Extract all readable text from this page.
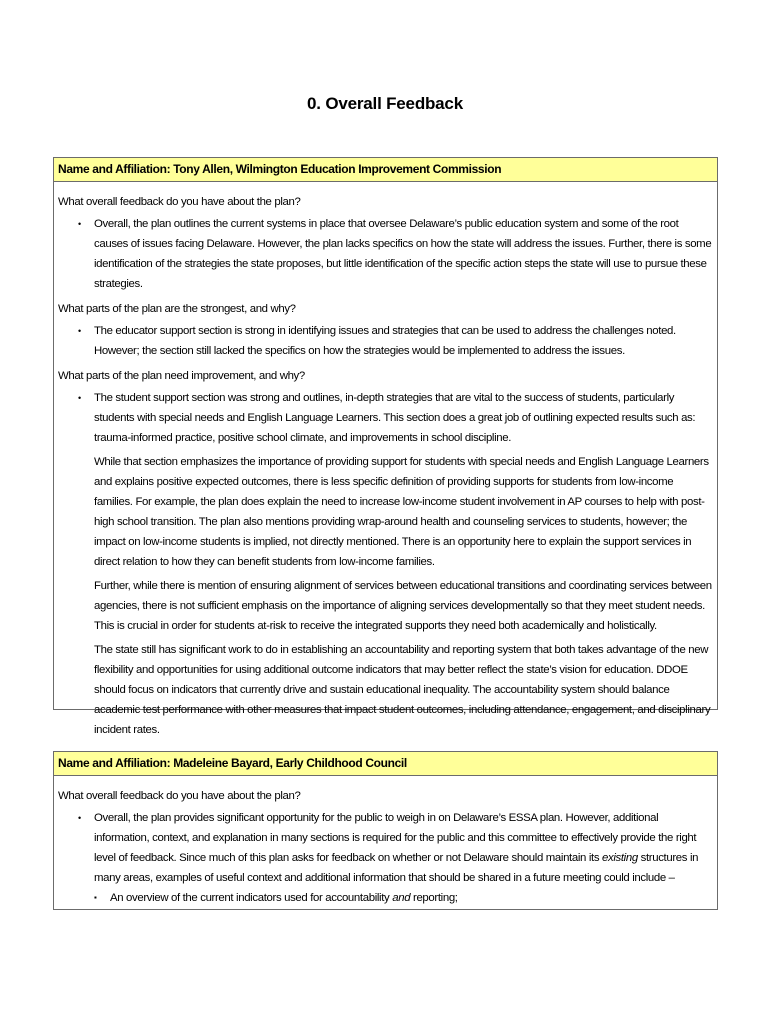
0. Overall Feedback
Name and Affiliation: Tony Allen, Wilmington Education Improvement Commission

What overall feedback do you have about the plan?

• Overall, the plan outlines the current systems in place that oversee Delaware’s public education system and some of the root causes of issues facing Delaware. However, the plan lacks specifics on how the state will address the issues. Further, there is some identification of the strategies the state proposes, but little identification of the specific action steps the state will use to pursue these strategies.

What parts of the plan are the strongest, and why?

• The educator support section is strong in identifying issues and strategies that can be used to address the challenges noted. However; the section still lacked the specifics on how the strategies would be implemented to address the issues.

What parts of the plan need improvement, and why?

• The student support section was strong and outlines, in-depth strategies that are vital to the success of students, particularly students with special needs and English Language Learners. This section does a great job of outlining expected results such as: trauma-informed practice, positive school climate, and improvements in school discipline.

While that section emphasizes the importance of providing support for students with special needs and English Language Learners and explains positive expected outcomes, there is less specific definition of providing supports for students from low-income families. For example, the plan does explain the need to increase low-income student involvement in AP courses to help with post-high school transition. The plan also mentions providing wrap-around health and counseling services to students, however; the impact on low-income students is implied, not directly mentioned. There is an opportunity here to explain the support services in direct relation to how they can benefit students from low-income families.

Further, while there is mention of ensuring alignment of services between educational transitions and coordinating services between agencies, there is not sufficient emphasis on the importance of aligning services developmentally so that they meet student needs. This is crucial in order for students at-risk to receive the integrated supports they need both academically and holistically.

The state still has significant work to do in establishing an accountability and reporting system that both takes advantage of the new flexibility and opportunities for using additional outcome indicators that may better reflect the state’s vision for education. DDOE should focus on indicators that currently drive and sustain educational inequality. The accountability system should balance academic test performance with other measures that impact student outcomes, including attendance, engagement, and disciplinary incident rates.

Name and Affiliation: Madeleine Bayard, Early Childhood Council

What overall feedback do you have about the plan?

• Overall, the plan provides significant opportunity for the public to weigh in on Delaware’s ESSA plan. However, additional information, context, and explanation in many sections is required for the public and this committee to effectively provide the right level of feedback. Since much of this plan asks for feedback on whether or not Delaware should maintain its existing structures in many areas, examples of useful context and additional information that should be shared in a future meeting could include –
▪ An overview of the current indicators used for accountability and reporting;
